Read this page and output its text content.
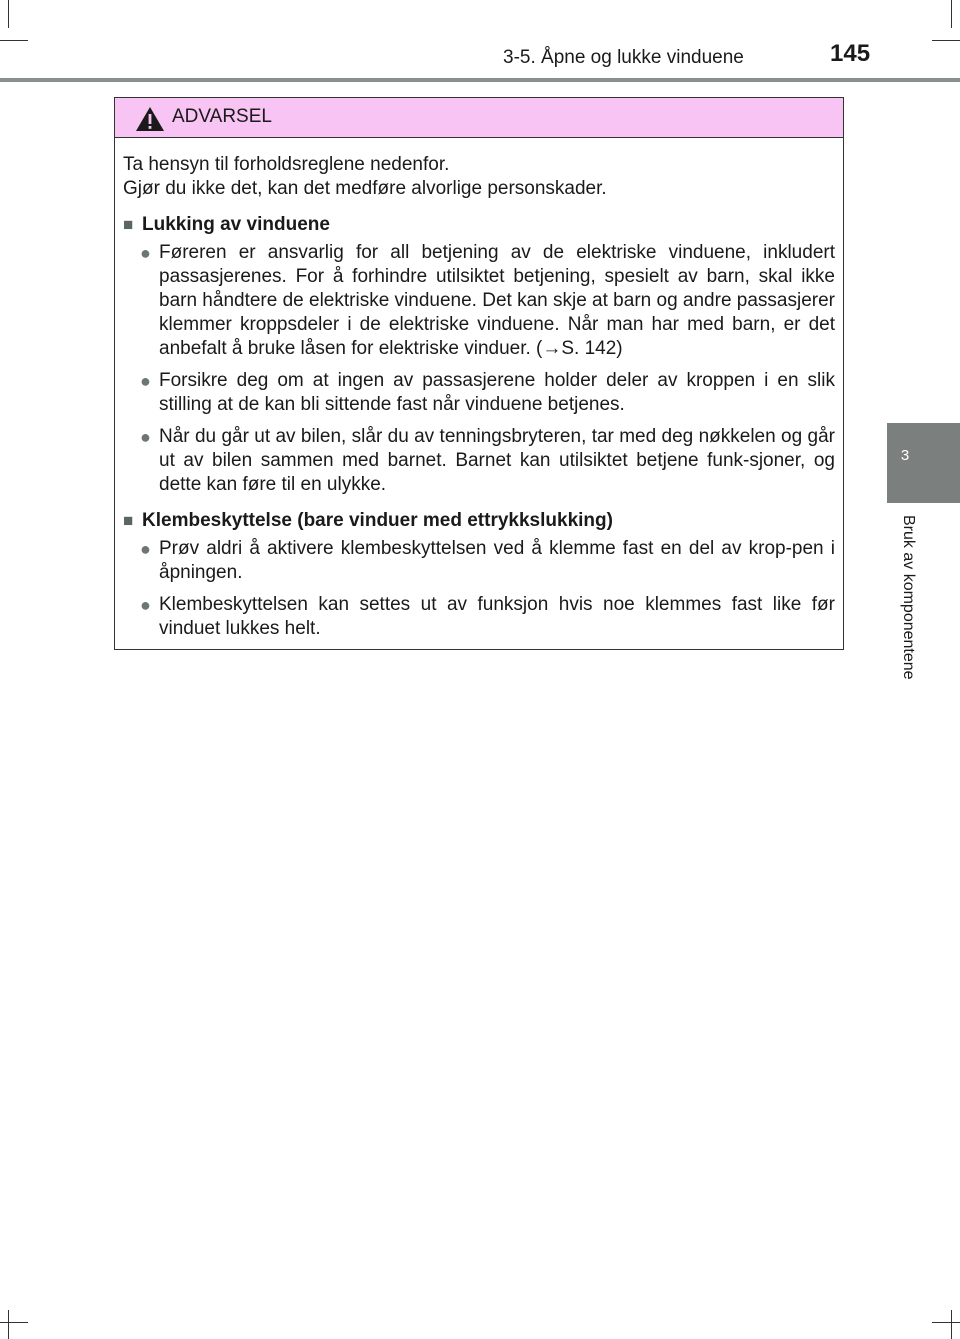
3-5. Åpne og lukke vinduene	145
3
Bruk av komponentene
ADVARSEL

Ta hensyn til forholdsreglene nedenfor.

Gjør du ikke det, kan det medføre alvorlige personskader.

■ Lukking av vinduene
● Føreren er ansvarlig for all betjening av de elektriske vinduene, inkludert passasjerenes. For å forhindre utilsiktet betjening, spesielt av barn, skal ikke barn håndtere de elektriske vinduene. Det kan skje at barn og andre passasjerer klemmer kroppsdeler i de elektriske vinduene. Når man har med barn, er det anbefalt å bruke låsen for elektriske vinduer. (→S. 142)
● Forsikre deg om at ingen av passasjerene holder deler av kroppen i en slik stilling at de kan bli sittende fast når vinduene betjenes.
● Når du går ut av bilen, slår du av tenningsbryteren, tar med deg nøkkelen og går ut av bilen sammen med barnet. Barnet kan utilsiktet betjene funk-sjoner, og dette kan føre til en ulykke.
■ Klembeskyttelse (bare vinduer med ettrykkslukking)
● Prøv aldri å aktivere klembeskyttelsen ved å klemme fast en del av krop-pen i åpningen.
● Klembeskyttelsen kan settes ut av funksjon hvis noe klemmes fast like før vinduet lukkes helt.
